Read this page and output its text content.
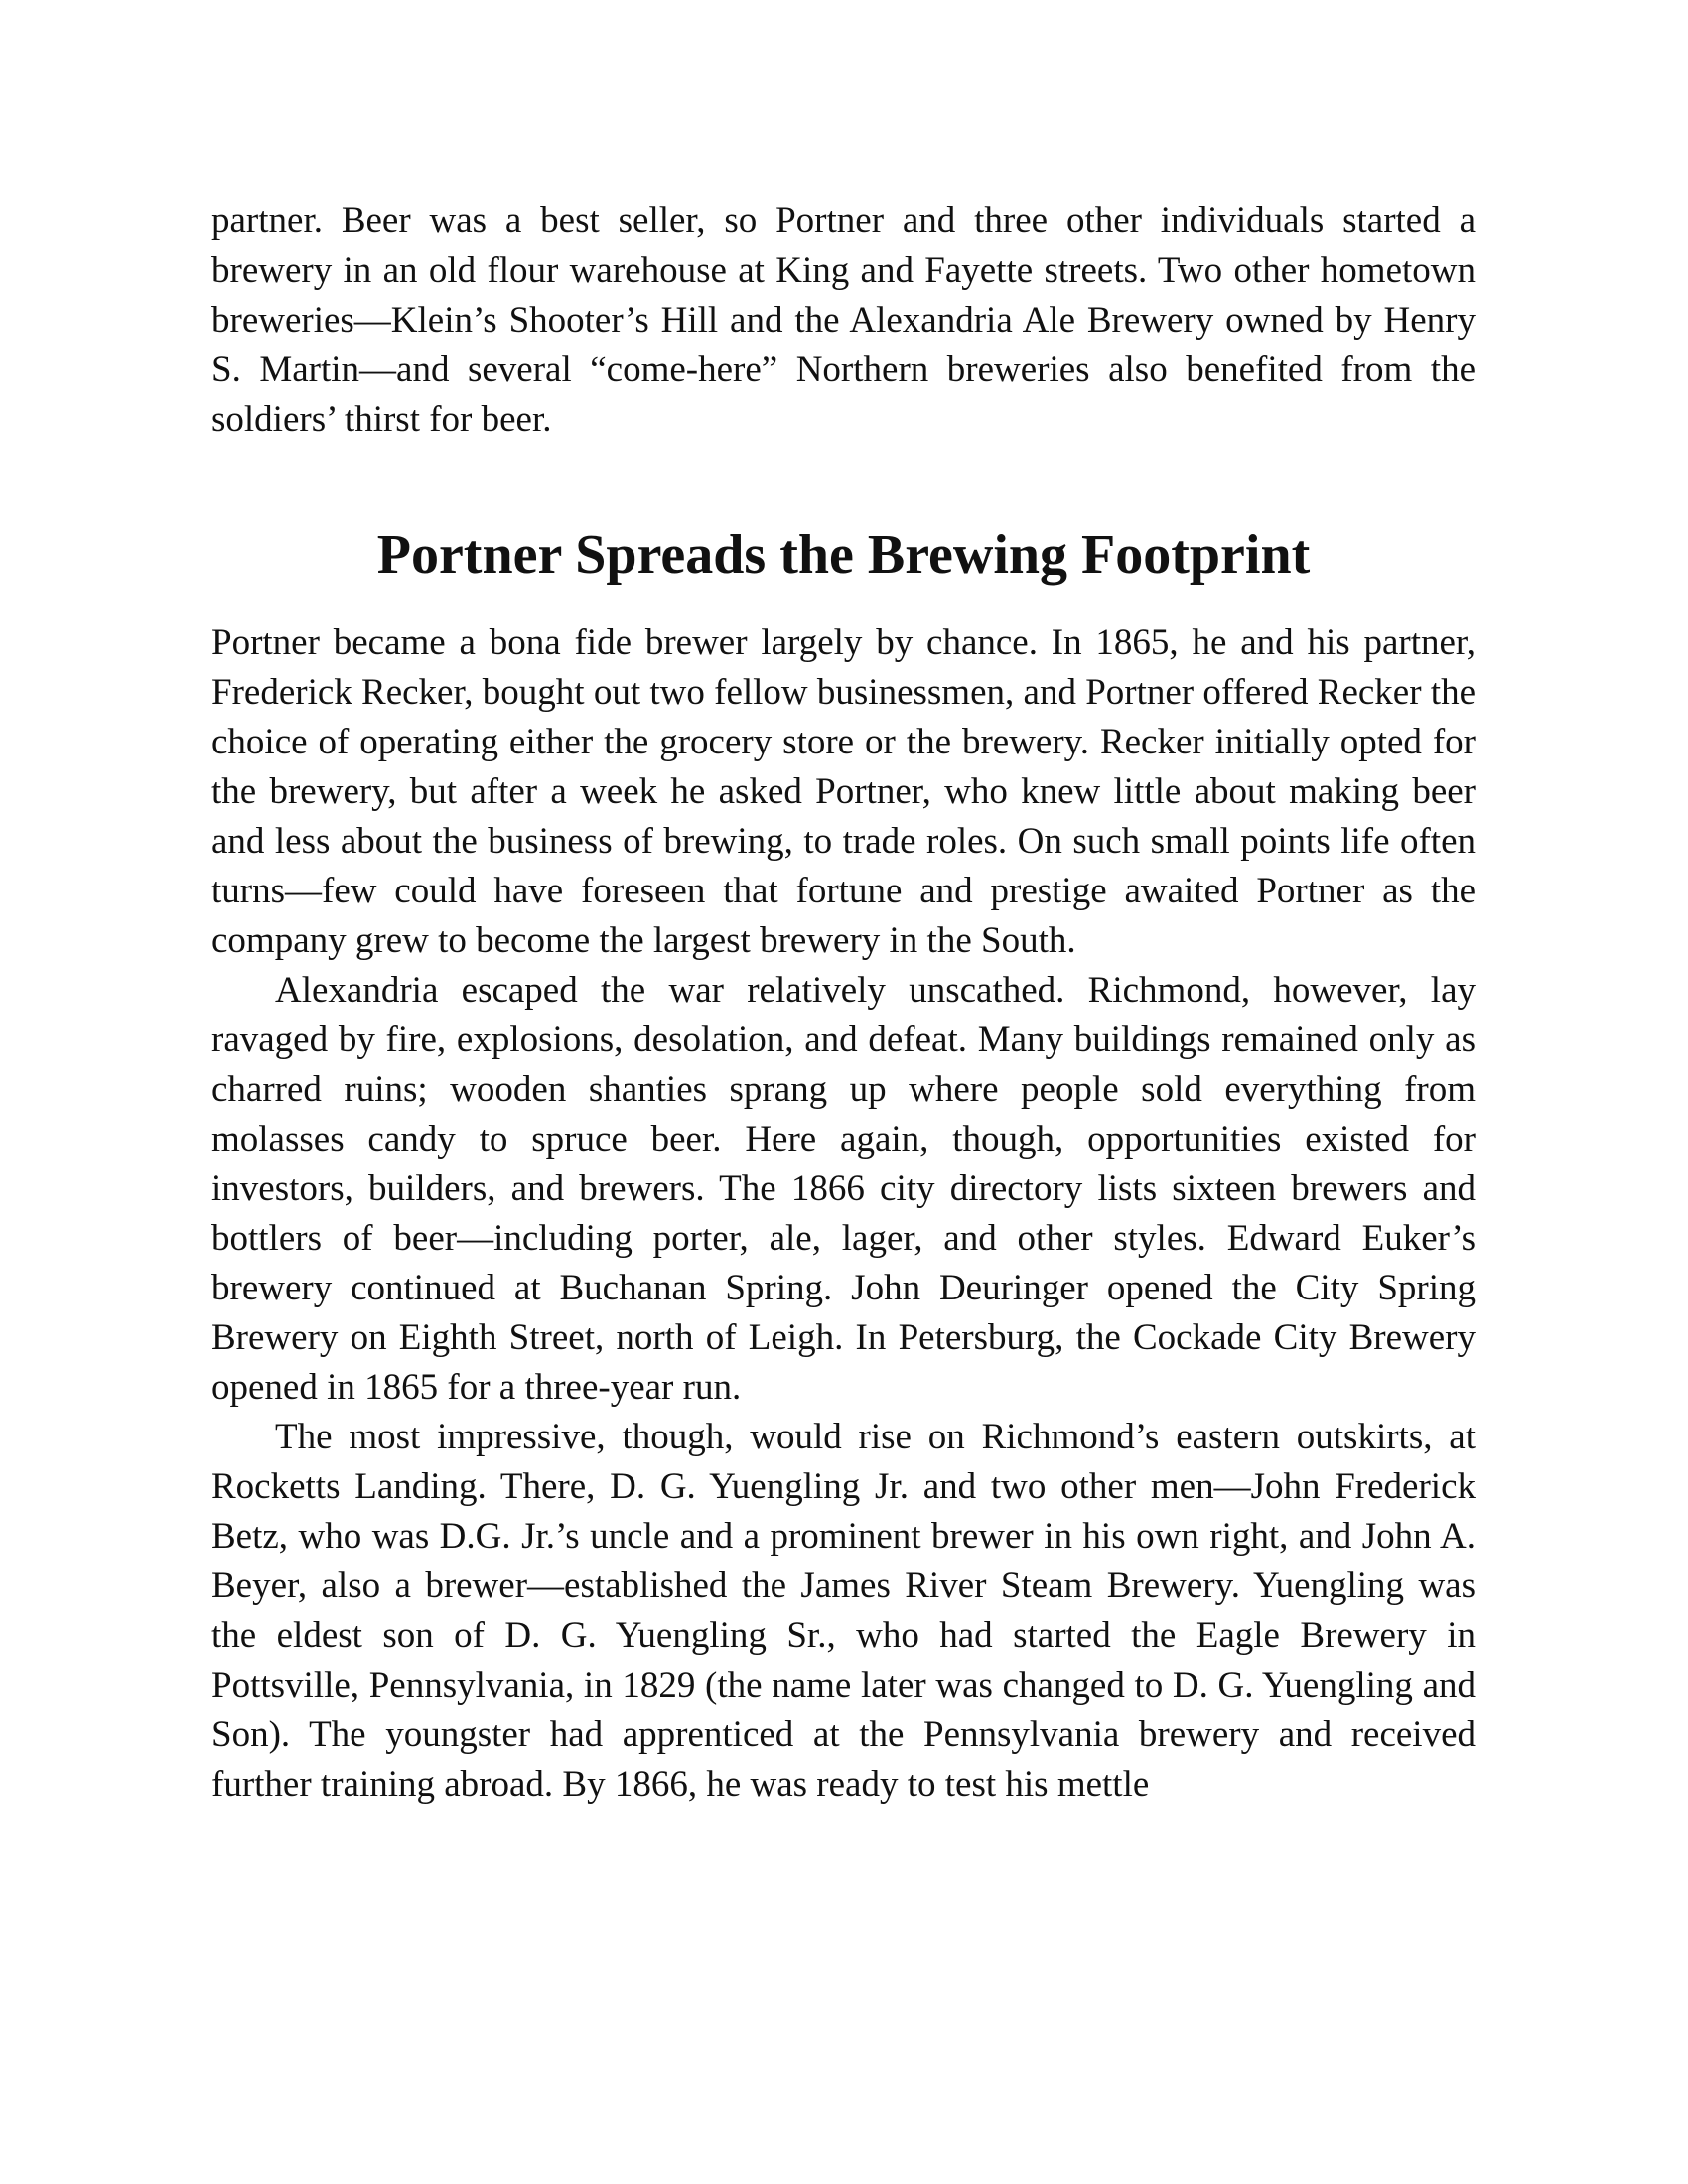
partner. Beer was a best seller, so Portner and three other individuals started a brewery in an old flour warehouse at King and Fayette streets. Two other hometown breweries—Klein’s Shooter’s Hill and the Alexandria Ale Brewery owned by Henry S. Martin—and several “come-here” Northern breweries also benefited from the soldiers’ thirst for beer.

Portner Spreads the Brewing Footprint

Portner became a bona fide brewer largely by chance. In 1865, he and his partner, Frederick Recker, bought out two fellow businessmen, and Portner offered Recker the choice of operating either the grocery store or the brewery. Recker initially opted for the brewery, but after a week he asked Portner, who knew little about making beer and less about the business of brewing, to trade roles. On such small points life often turns—few could have foreseen that fortune and prestige awaited Portner as the company grew to become the largest brewery in the South.

Alexandria escaped the war relatively unscathed. Richmond, however, lay ravaged by fire, explosions, desolation, and defeat. Many buildings remained only as charred ruins; wooden shanties sprang up where people sold everything from molasses candy to spruce beer. Here again, though, opportunities existed for investors, builders, and brewers. The 1866 city directory lists sixteen brewers and bottlers of beer—including porter, ale, lager, and other styles. Edward Euker’s brewery continued at Buchanan Spring. John Deuringer opened the City Spring Brewery on Eighth Street, north of Leigh. In Petersburg, the Cockade City Brewery opened in 1865 for a three-year run.

The most impressive, though, would rise on Richmond’s eastern outskirts, at Rocketts Landing. There, D. G. Yuengling Jr. and two other men—John Frederick Betz, who was D.G. Jr.’s uncle and a prominent brewer in his own right, and John A. Beyer, also a brewer—established the James River Steam Brewery. Yuengling was the eldest son of D. G. Yuengling Sr., who had started the Eagle Brewery in Pottsville, Pennsylvania, in 1829 (the name later was changed to D. G. Yuengling and Son). The youngster had apprenticed at the Pennsylvania brewery and received further training abroad. By 1866, he was ready to test his mettle
